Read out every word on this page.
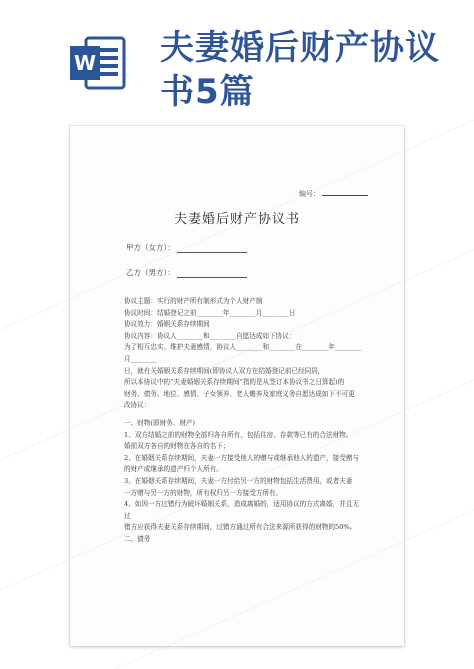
W 夫妻婚后财产协议书5篇
编号：
夫妻婚后财产协议书
甲方（女方）：
乙方（男方）：

协议主题：实行的财产所有制形式为个人财产制

协议时间：结婚登记之前________年________月________日

协议效力：婚姻关系存续期间

协议内容：协议人________和________自愿达成如下协议：

为了相互忠实、维护夫妻感情，协议人________和________在________年________月________

日，就有关婚姻关系存续期间(即协议人双方在结婚登记前已经同居，

所以本协议中的“夫妻婚姻关系存续期间”指的是从签订本协议书之日算起)的

财务、债务、地位、感情、子女领养、老人赡养及家庭义务自愿达成如下不可更

改协议：

一、财物(即财务、财产)

1、双方结婚之前的财物全部归各自所有，包括住房、存款等已有的合法财物。

婚前双方各自的财物在各自的名下；

2、在婚姻关系存续期间，夫妻一方接受他人的赠与或继承他人的遗产，接受赠与

的财产或继承的遗产归个人所有。

3、在婚姻关系存续期间，夫妻一方付给另一方的财物包括生活费用，或者夫妻

一方赠与另一方的财物，所有权归另一方接受方所有。

4、如因一方过错行为破坏婚姻关系，造成离婚的，适用协议的方式离婚，并且无过

错方应获得夫妻关系存续期间，过错方通过所有合法来源所获得的财物的50%。

二、债务
